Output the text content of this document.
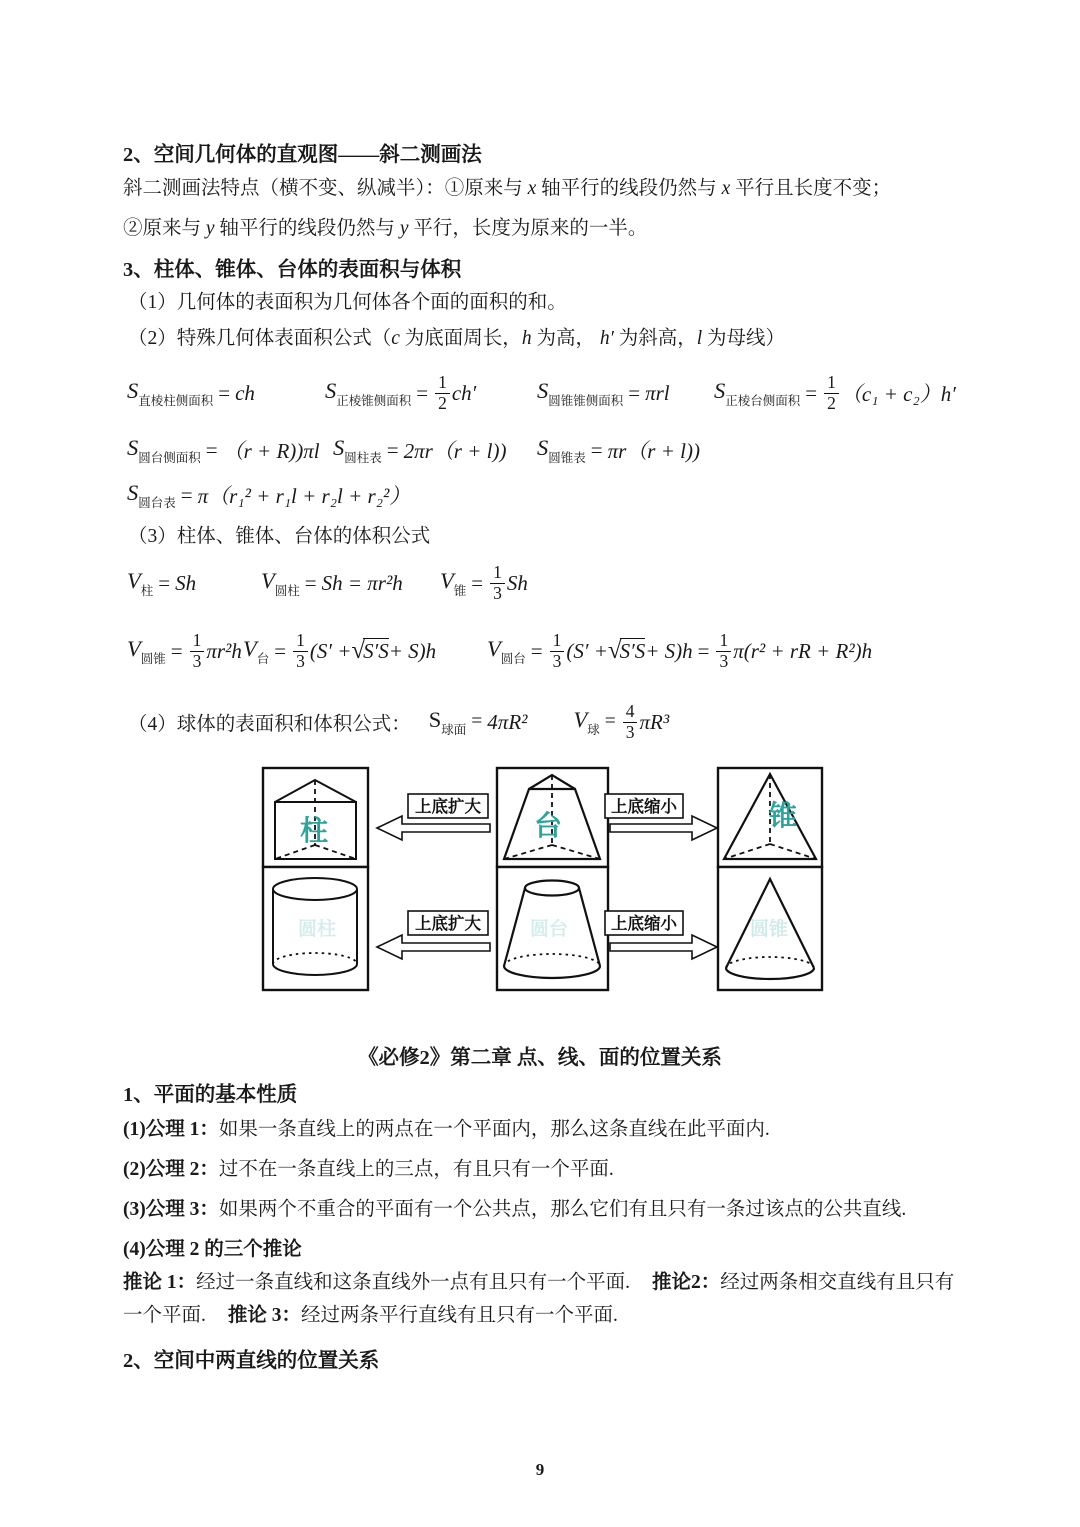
2、空间几何体的直观图——斜二测画法
斜二测画法特点（横不变、纵减半）：①原来与 x 轴平行的线段仍然与 x 平行且长度不变；
②原来与 y 轴平行的线段仍然与 y 平行，长度为原来的一半。
3、柱体、锥体、台体的表面积与体积
（1）几何体的表面积为几何体各个面的面积的和。
（2）特殊几何体表面积公式（c 为底面周长，h 为高， h′ 为斜高，l 为母线）
$S_{直棱柱侧面积}$ = ch	$S_{正棱锥侧面积} = \frac{1}{2} ch'$	$S_{圆锥锥侧面积} = \pi rl$ $S_{正棱台侧面积} = \frac{1}{2} (c_1 + c_2)h'$
$S_{圆台侧面积} = (r + R))\pi l$ $S_{圆柱表} = 2\pi r(r + l)$) $S_{圆锥表} = \pi r(r + l)$)
$S_{圆台表} = \pi(r_1^2 + r_1l + r_2l + r_2^2)$
（3）柱体、锥体、台体的体积公式
$V_柱 = Sh$	$V_{圆柱} = Sh = \pi r^2h$ $V_锥 = \frac{1}{3}$ Sh
$V_{圆锥} = \frac{1}{3} \pi r^2h$ $V_台 = \frac{1}{3} (S' + √S'S + S)h$ $V_{圆台} = \frac{1}{3} (S' + √S'S + S)h = \frac{1}{3} \pi(r^2$ + rR + R²)h
（4）球体的表面积和体积公式： $S_{球面} = 4\pi R^2$ $V_球 = \frac{4}{3} \pi R^3$
柱	台	锥
圆柱	圆台	圆锥
上底扩大	上底缩小
上底扩大	上底缩小
《必修2》第二章 点、线、面的位置关系
1、平面的基本性质
(1)公理 1：如果一条直线上的两点在一个平面内，那么这条直线在此平面内.
(2)公理 2：过不在一条直线上的三点，有且只有一个平面.
(3)公理 3：如果两个不重合的平面有一个公共点，那么它们有且只有一条过该点的公共直线.
(4)公理 2 的三个推论
推论 1：经过一条直线和这条直线外一点有且只有一个平面. 推论2：经过两条相交直线有且只有
一个平面. 推论 3：经过两条平行直线有且只有一个平面.
2、空间中两直线的位置关系
9
